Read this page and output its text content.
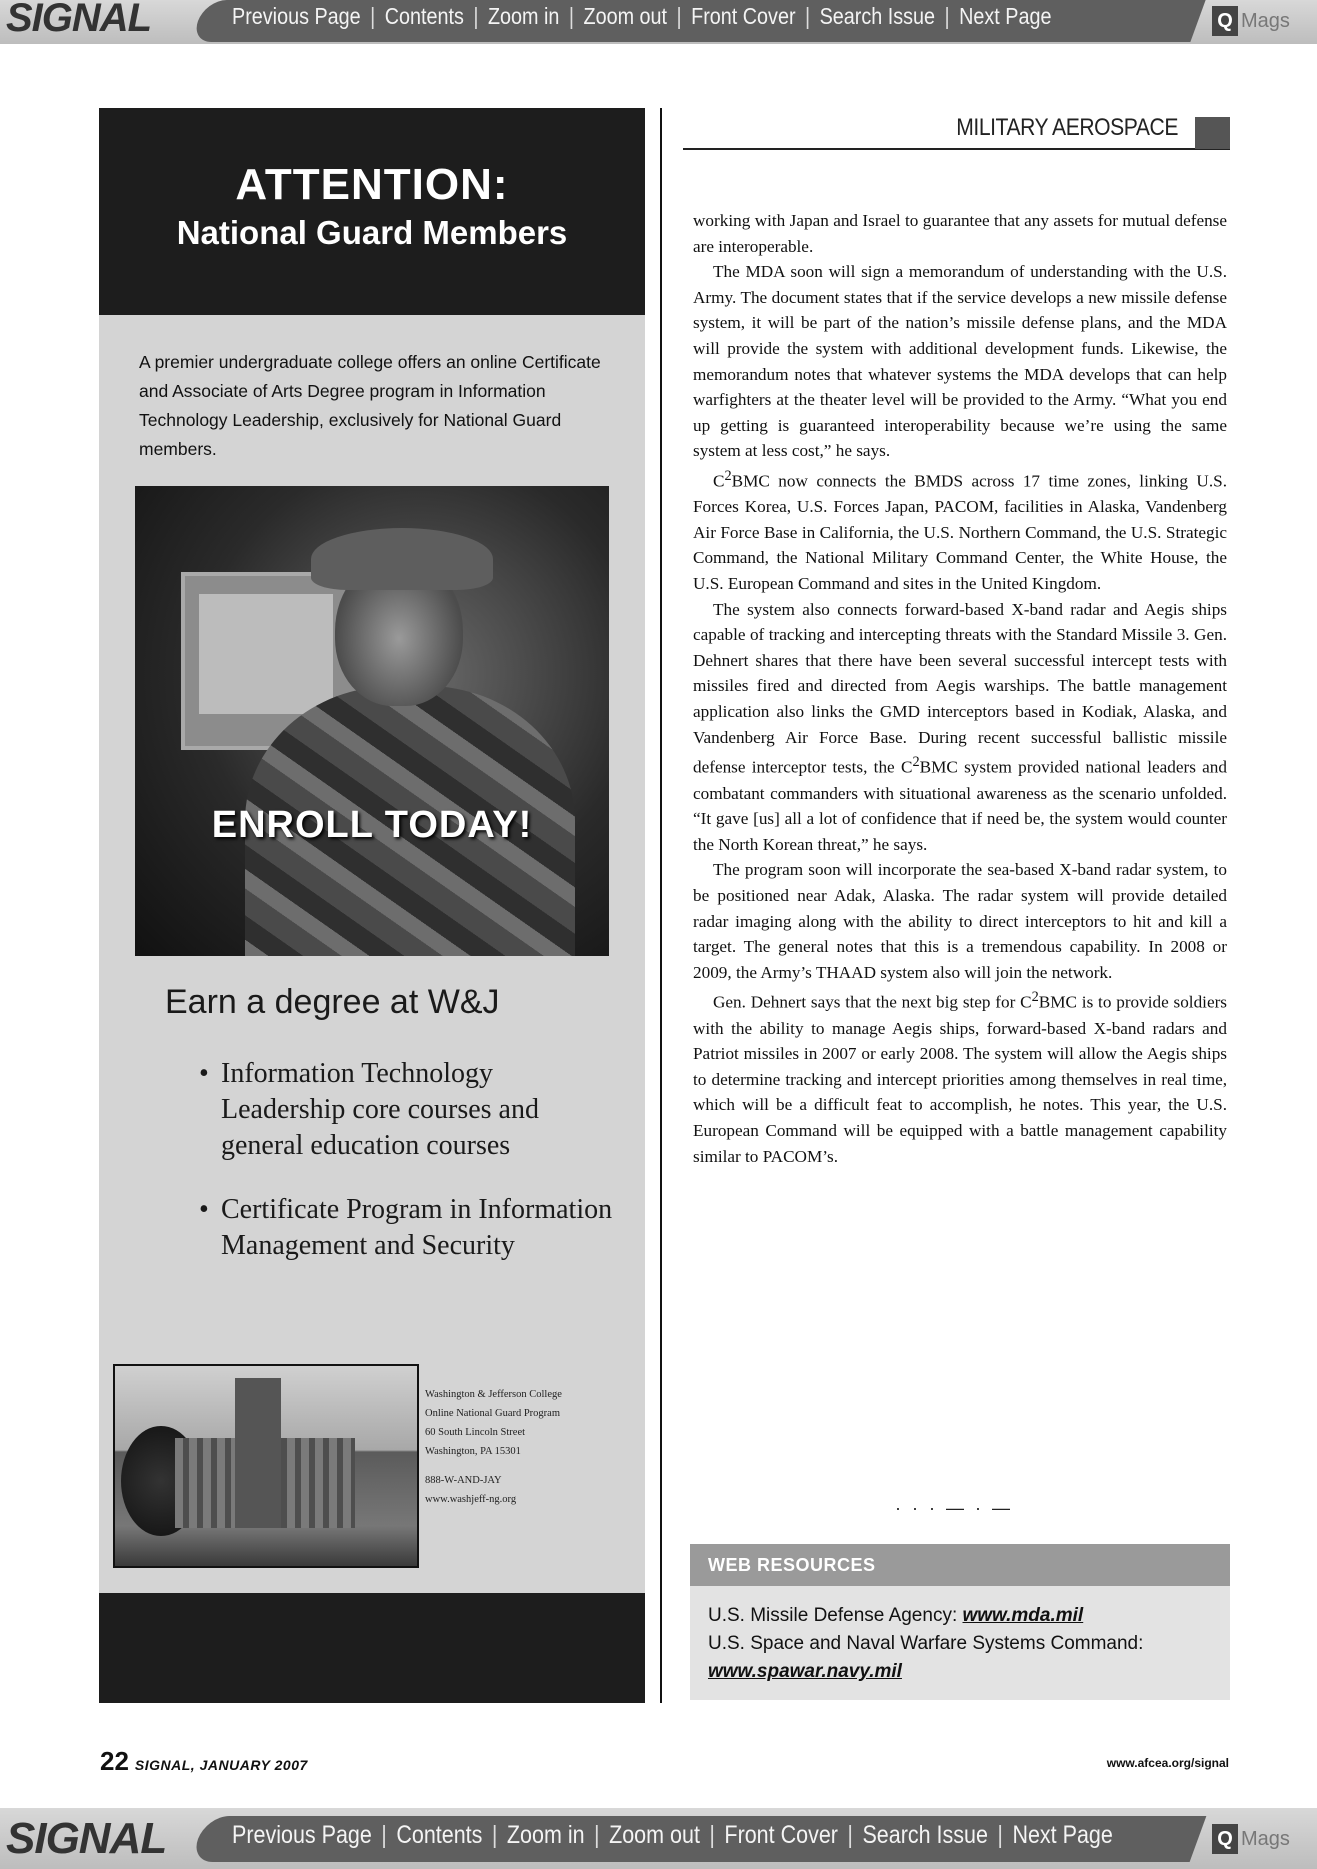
SIGNAL	Previous Page | Contents | Zoom in | Zoom out | Front Cover | Search Issue | Next Page	Q Mags
ATTENTION:
National Guard Members
A premier undergraduate college offers an online Certificate and Associate of Arts Degree program in Information Technology Leadership, exclusively for National Guard members.
ENROLL TODAY!
Earn a degree at W&J
• Information Technology Leadership core courses and general education courses
• Certificate Program in Information Management and Security
Washington & Jefferson College
Online National Guard Program
60 South Lincoln Street
Washington, PA 15301
888-W-AND-JAY
www.washjeff-ng.org
MILITARY AEROSPACE

working with Japan and Israel to guarantee that any assets for mutual defense are interoperable.

The MDA soon will sign a memorandum of understanding with the U.S. Army. The document states that if the service develops a new missile defense system, it will be part of the nation’s missile defense plans, and the MDA will provide the system with additional development funds. Likewise, the memorandum notes that whatever systems the MDA develops that can help warfighters at the theater level will be provided to the Army. “What you end up getting is guaranteed interoperability because we’re using the same system at less cost,” he says.

$C^2BMC$ now connects the BMDS across 17 time zones, linking U.S. Forces Korea, U.S. Forces Japan, PACOM, facilities in Alaska, Vandenberg Air Force Base in California, the U.S. Northern Command, the U.S. Strategic Command, the National Military Command Center, the White House, the U.S. European Command and sites in the United Kingdom.

The system also connects forward-based X-band radar and Aegis ships capable of tracking and intercepting threats with the Standard Missile 3. Gen. Dehnert shares that there have been several successful intercept tests with missiles fired and directed from Aegis warships. The battle management application also links the GMD interceptors based in Kodiak, Alaska, and Vandenberg Air Force Base. During recent successful ballistic missile defense interceptor tests, the $C^2BMC$ system provided national leaders and combatant commanders with situational awareness as the scenario unfolded. “It gave [us] all a lot of confidence that if need be, the system would counter the North Korean threat,” he says.

The program soon will incorporate the sea-based X-band radar system, to be positioned near Adak, Alaska. The radar system will provide detailed radar imaging along with the ability to direct interceptors to hit and kill a target. The general notes that this is a tremendous capability. In 2008 or 2009, the Army’s THAAD system also will join the network.

Gen. Dehnert says that the next big step for $C^2BMC$ is to provide soldiers with the ability to manage Aegis ships, forward-based X-band radars and Patriot missiles in 2007 or early 2008. The system will allow the Aegis ships to determine tracking and intercept priorities among themselves in real time, which will be a difficult feat to accomplish, he notes. This year, the U.S. European Command will be equipped with a battle management capability similar to PACOM’s.

· · · — · —
WEB RESOURCES
U.S. Missile Defense Agency: www.mda.mil
U.S. Space and Naval Warfare Systems Command:
www.spawar.navy.mil
22 SIGNAL, JANUARY 2007	www.afcea.org/signal
SIGNAL	Previous Page | Contents | Zoom in | Zoom out | Front Cover | Search Issue | Next Page	Q Mags
